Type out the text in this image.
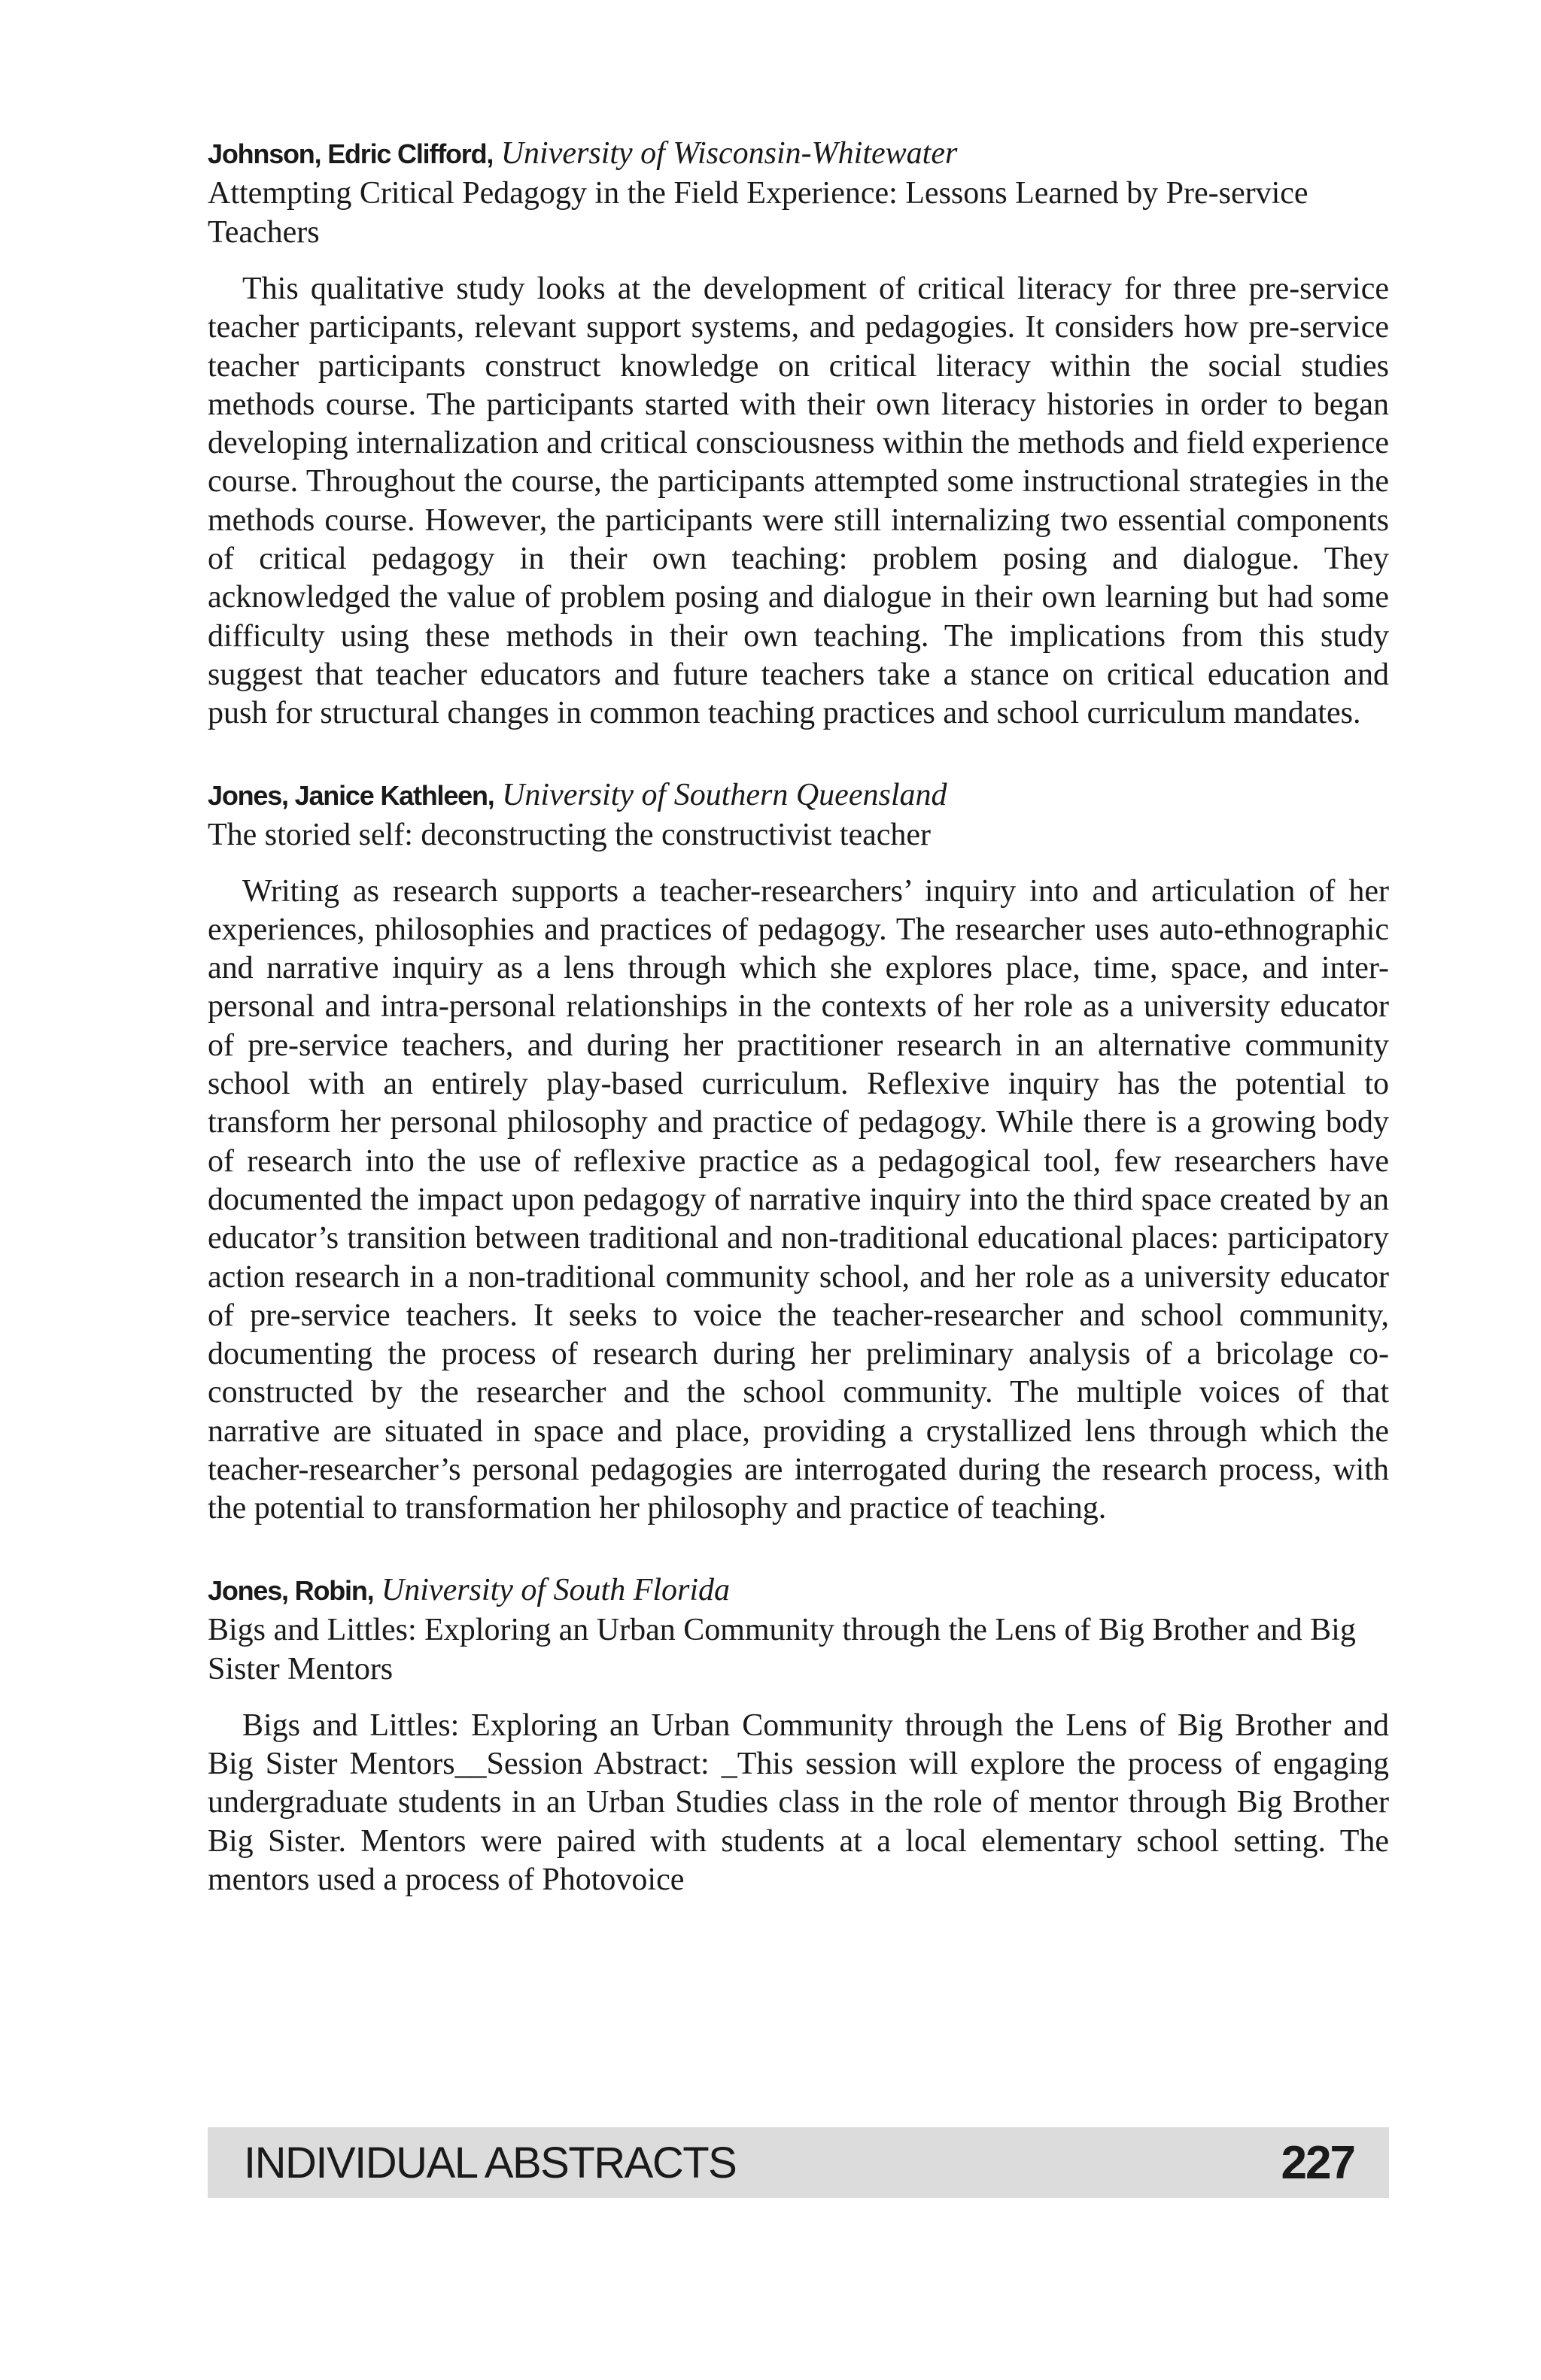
Johnson, Edric Clifford, University of Wisconsin-Whitewater
Attempting Critical Pedagogy in the Field Experience: Lessons Learned by Pre-service Teachers

This qualitative study looks at the development of critical literacy for three pre-service teacher participants, relevant support systems, and pedagogies. It considers how pre-service teacher participants construct knowledge on critical literacy within the social studies methods course. The participants started with their own literacy histories in order to began developing internalization and critical consciousness within the methods and field experience course. Throughout the course, the participants attempted some instructional strategies in the methods course. However, the participants were still internalizing two essential components of critical pedagogy in their own teaching: problem posing and dialogue. They acknowledged the value of problem posing and dialogue in their own learning but had some difficulty using these methods in their own teaching. The implications from this study suggest that teacher educators and future teachers take a stance on critical education and push for structural changes in common teaching practices and school curriculum mandates.

Jones, Janice Kathleen, University of Southern Queensland
The storied self: deconstructing the constructivist teacher

Writing as research supports a teacher-researchers’ inquiry into and articulation of her experiences, philosophies and practices of pedagogy. The researcher uses auto-ethnographic and narrative inquiry as a lens through which she explores place, time, space, and inter-personal and intra-personal relationships in the contexts of her role as a university educator of pre-service teachers, and during her practitioner research in an alternative community school with an entirely play-based curriculum. Reflexive inquiry has the potential to transform her personal philosophy and practice of pedagogy. While there is a growing body of research into the use of reflexive practice as a pedagogical tool, few researchers have documented the impact upon pedagogy of narrative inquiry into the third space created by an educator’s transition between traditional and non-traditional educational places: participatory action research in a non-traditional community school, and her role as a university educator of pre-service teachers. It seeks to voice the teacher-researcher and school community, documenting the process of research during her preliminary analysis of a bricolage co-constructed by the researcher and the school community. The multiple voices of that narrative are situated in space and place, providing a crystallized lens through which the teacher-researcher’s personal pedagogies are interrogated during the research process, with the potential to transformation her philosophy and practice of teaching.

Jones, Robin, University of South Florida
Bigs and Littles: Exploring an Urban Community through the Lens of Big Brother and Big Sister Mentors

Bigs and Littles: Exploring an Urban Community through the Lens of Big Brother and Big Sister Mentors__Session Abstract: _This session will explore the process of engaging undergraduate students in an Urban Studies class in the role of mentor through Big Brother Big Sister. Mentors were paired with students at a local elementary school setting. The mentors used a process of Photovoice

INDIVIDUAL ABSTRACTS	227
